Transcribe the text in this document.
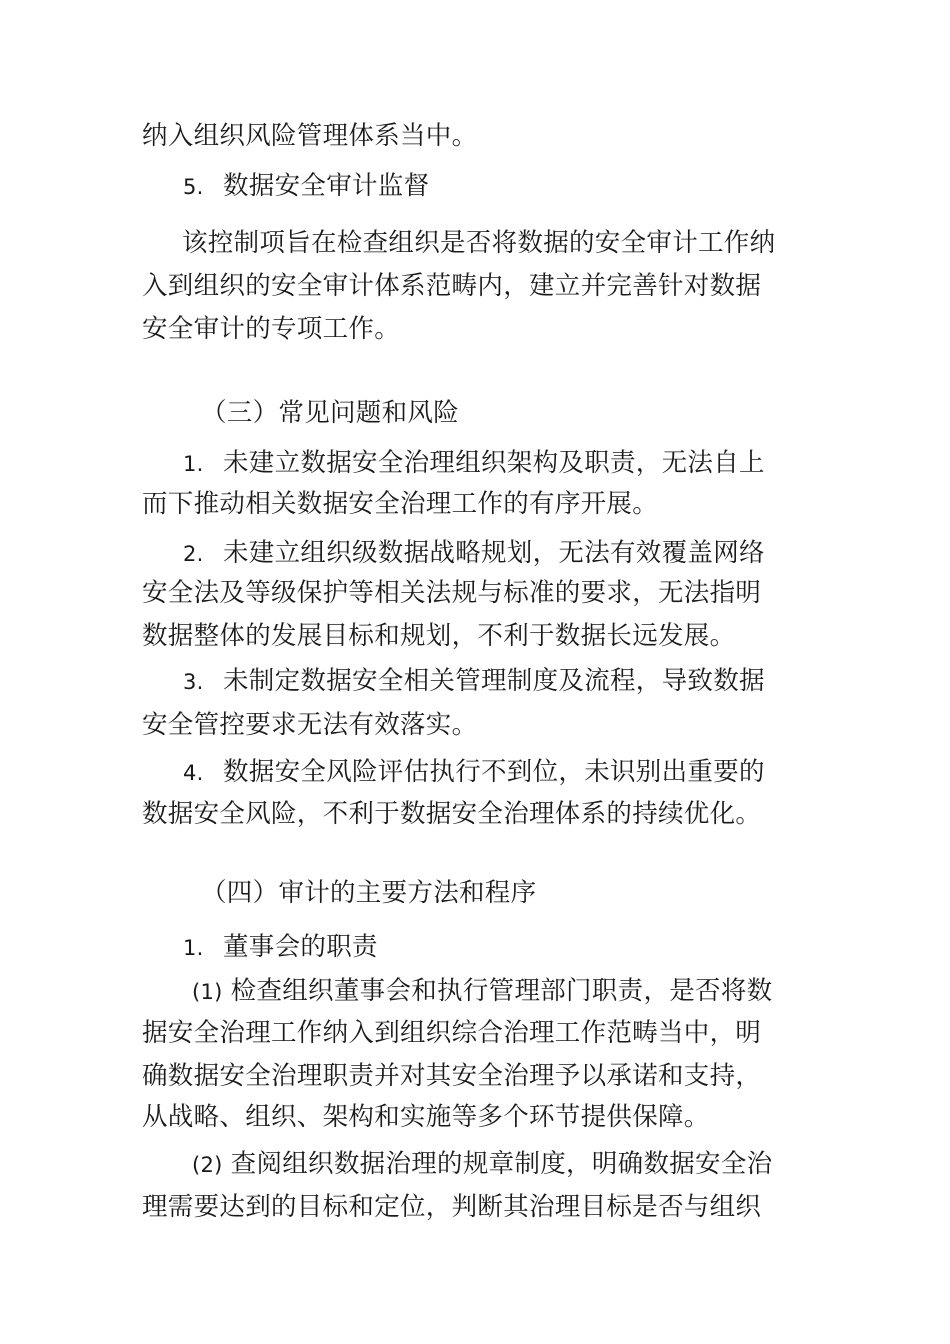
纳入组织风险管理体系当中。
5. 数据安全审计监督
该控制项旨在检查组织是否将数据的安全审计工作纳
入到组织的安全审计体系范畴内，建立并完善针对数据
安全审计的专项工作。
（三）常见问题和风险
1. 未建立数据安全治理组织架构及职责，无法自上
而下推动相关数据安全治理工作的有序开展。
2. 未建立组织级数据战略规划，无法有效覆盖网络
安全法及等级保护等相关法规与标准的要求，无法指明
数据整体的发展目标和规划，不利于数据长远发展。
3. 未制定数据安全相关管理制度及流程，导致数据
安全管控要求无法有效落实。
4. 数据安全风险评估执行不到位，未识别出重要的
数据安全风险，不利于数据安全治理体系的持续优化。
（四）审计的主要方法和程序
1. 董事会的职责
(1) 检查组织董事会和执行管理部门职责，是否将数
据安全治理工作纳入到组织综合治理工作范畴当中，明
确数据安全治理职责并对其安全治理予以承诺和支持，
从战略、组织、架构和实施等多个环节提供保障。
(2) 查阅组织数据治理的规章制度，明确数据安全治
理需要达到的目标和定位，判断其治理目标是否与组织
